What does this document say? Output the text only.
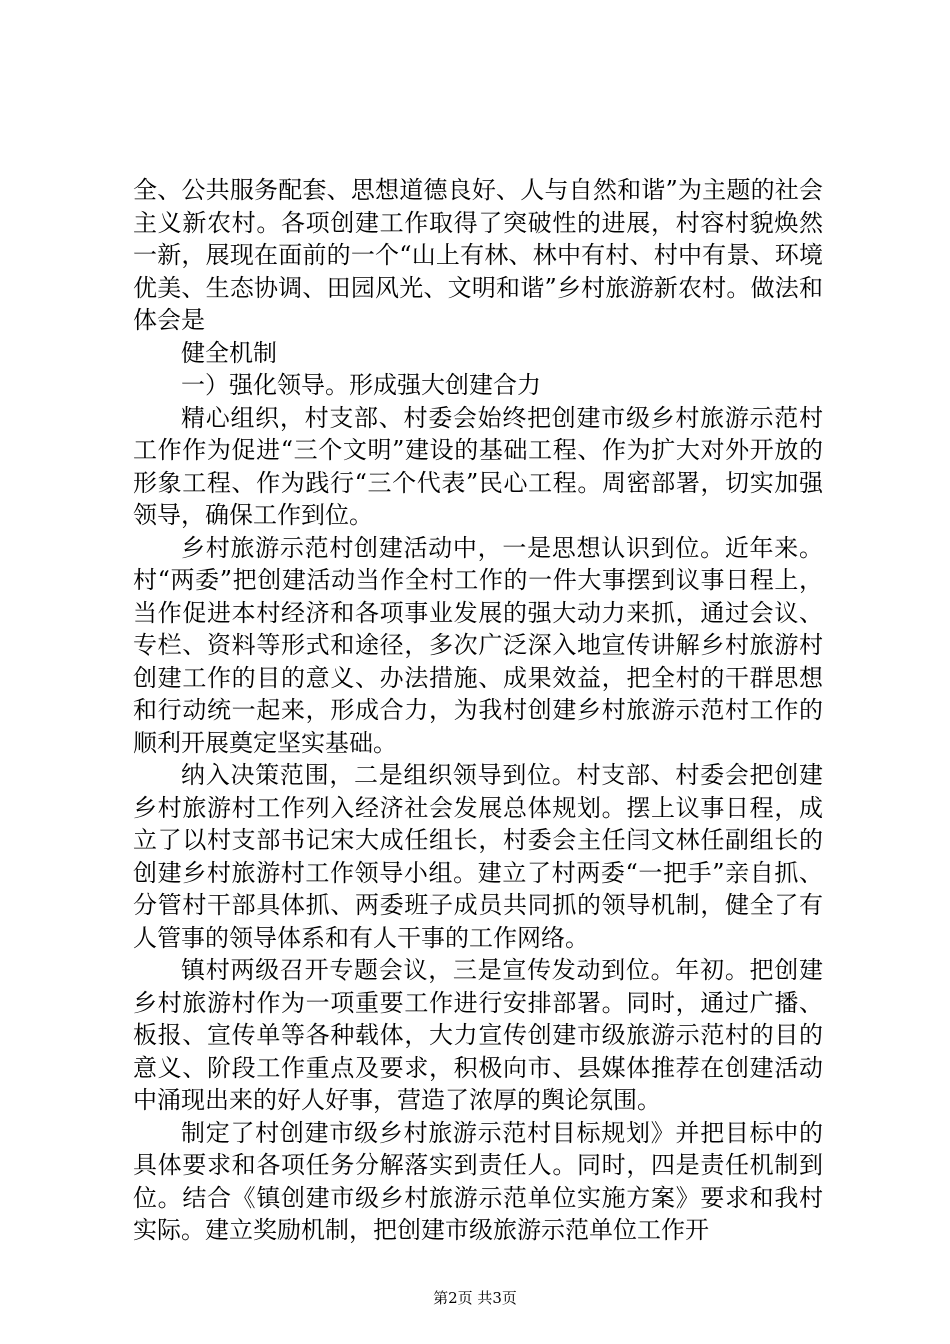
全、公共服务配套、思想道德良好、人与自然和谐”为主题的社会主义新农村。各项创建工作取得了突破性的进展，村容村貌焕然一新，展现在面前的一个“山上有林、林中有村、村中有景、环境优美、生态协调、田园风光、文明和谐”乡村旅游新农村。做法和体会是

健全机制

一）强化领导。形成强大创建合力

精心组织，村支部、村委会始终把创建市级乡村旅游示范村工作作为促进“三个文明”建设的基础工程、作为扩大对外开放的形象工程、作为践行“三个代表”民心工程。周密部署，切实加强领导，确保工作到位。

乡村旅游示范村创建活动中，一是思想认识到位。近年来。村“两委”把创建活动当作全村工作的一件大事摆到议事日程上，当作促进本村经济和各项事业发展的强大动力来抓，通过会议、专栏、资料等形式和途径，多次广泛深入地宣传讲解乡村旅游村创建工作的目的意义、办法措施、成果效益，把全村的干群思想和行动统一起来，形成合力，为我村创建乡村旅游示范村工作的顺利开展奠定坚实基础。

纳入决策范围，二是组织领导到位。村支部、村委会把创建乡村旅游村工作列入经济社会发展总体规划。摆上议事日程，成立了以村支部书记宋大成任组长，村委会主任闫文林任副组长的创建乡村旅游村工作领导小组。建立了村两委“一把手”亲自抓、分管村干部具体抓、两委班子成员共同抓的领导机制，健全了有人管事的领导体系和有人干事的工作网络。

镇村两级召开专题会议，三是宣传发动到位。年初。把创建乡村旅游村作为一项重要工作进行安排部署。同时，通过广播、板报、宣传单等各种载体，大力宣传创建市级旅游示范村的目的意义、阶段工作重点及要求，积极向市、县媒体推荐在创建活动中涌现出来的好人好事，营造了浓厚的舆论氛围。

制定了村创建市级乡村旅游示范村目标规划》并把目标中的具体要求和各项任务分解落实到责任人。同时，四是责任机制到位。结合《镇创建市级乡村旅游示范单位实施方案》要求和我村实际。建立奖励机制，把创建市级旅游示范单位工作开

第2页 共3页
